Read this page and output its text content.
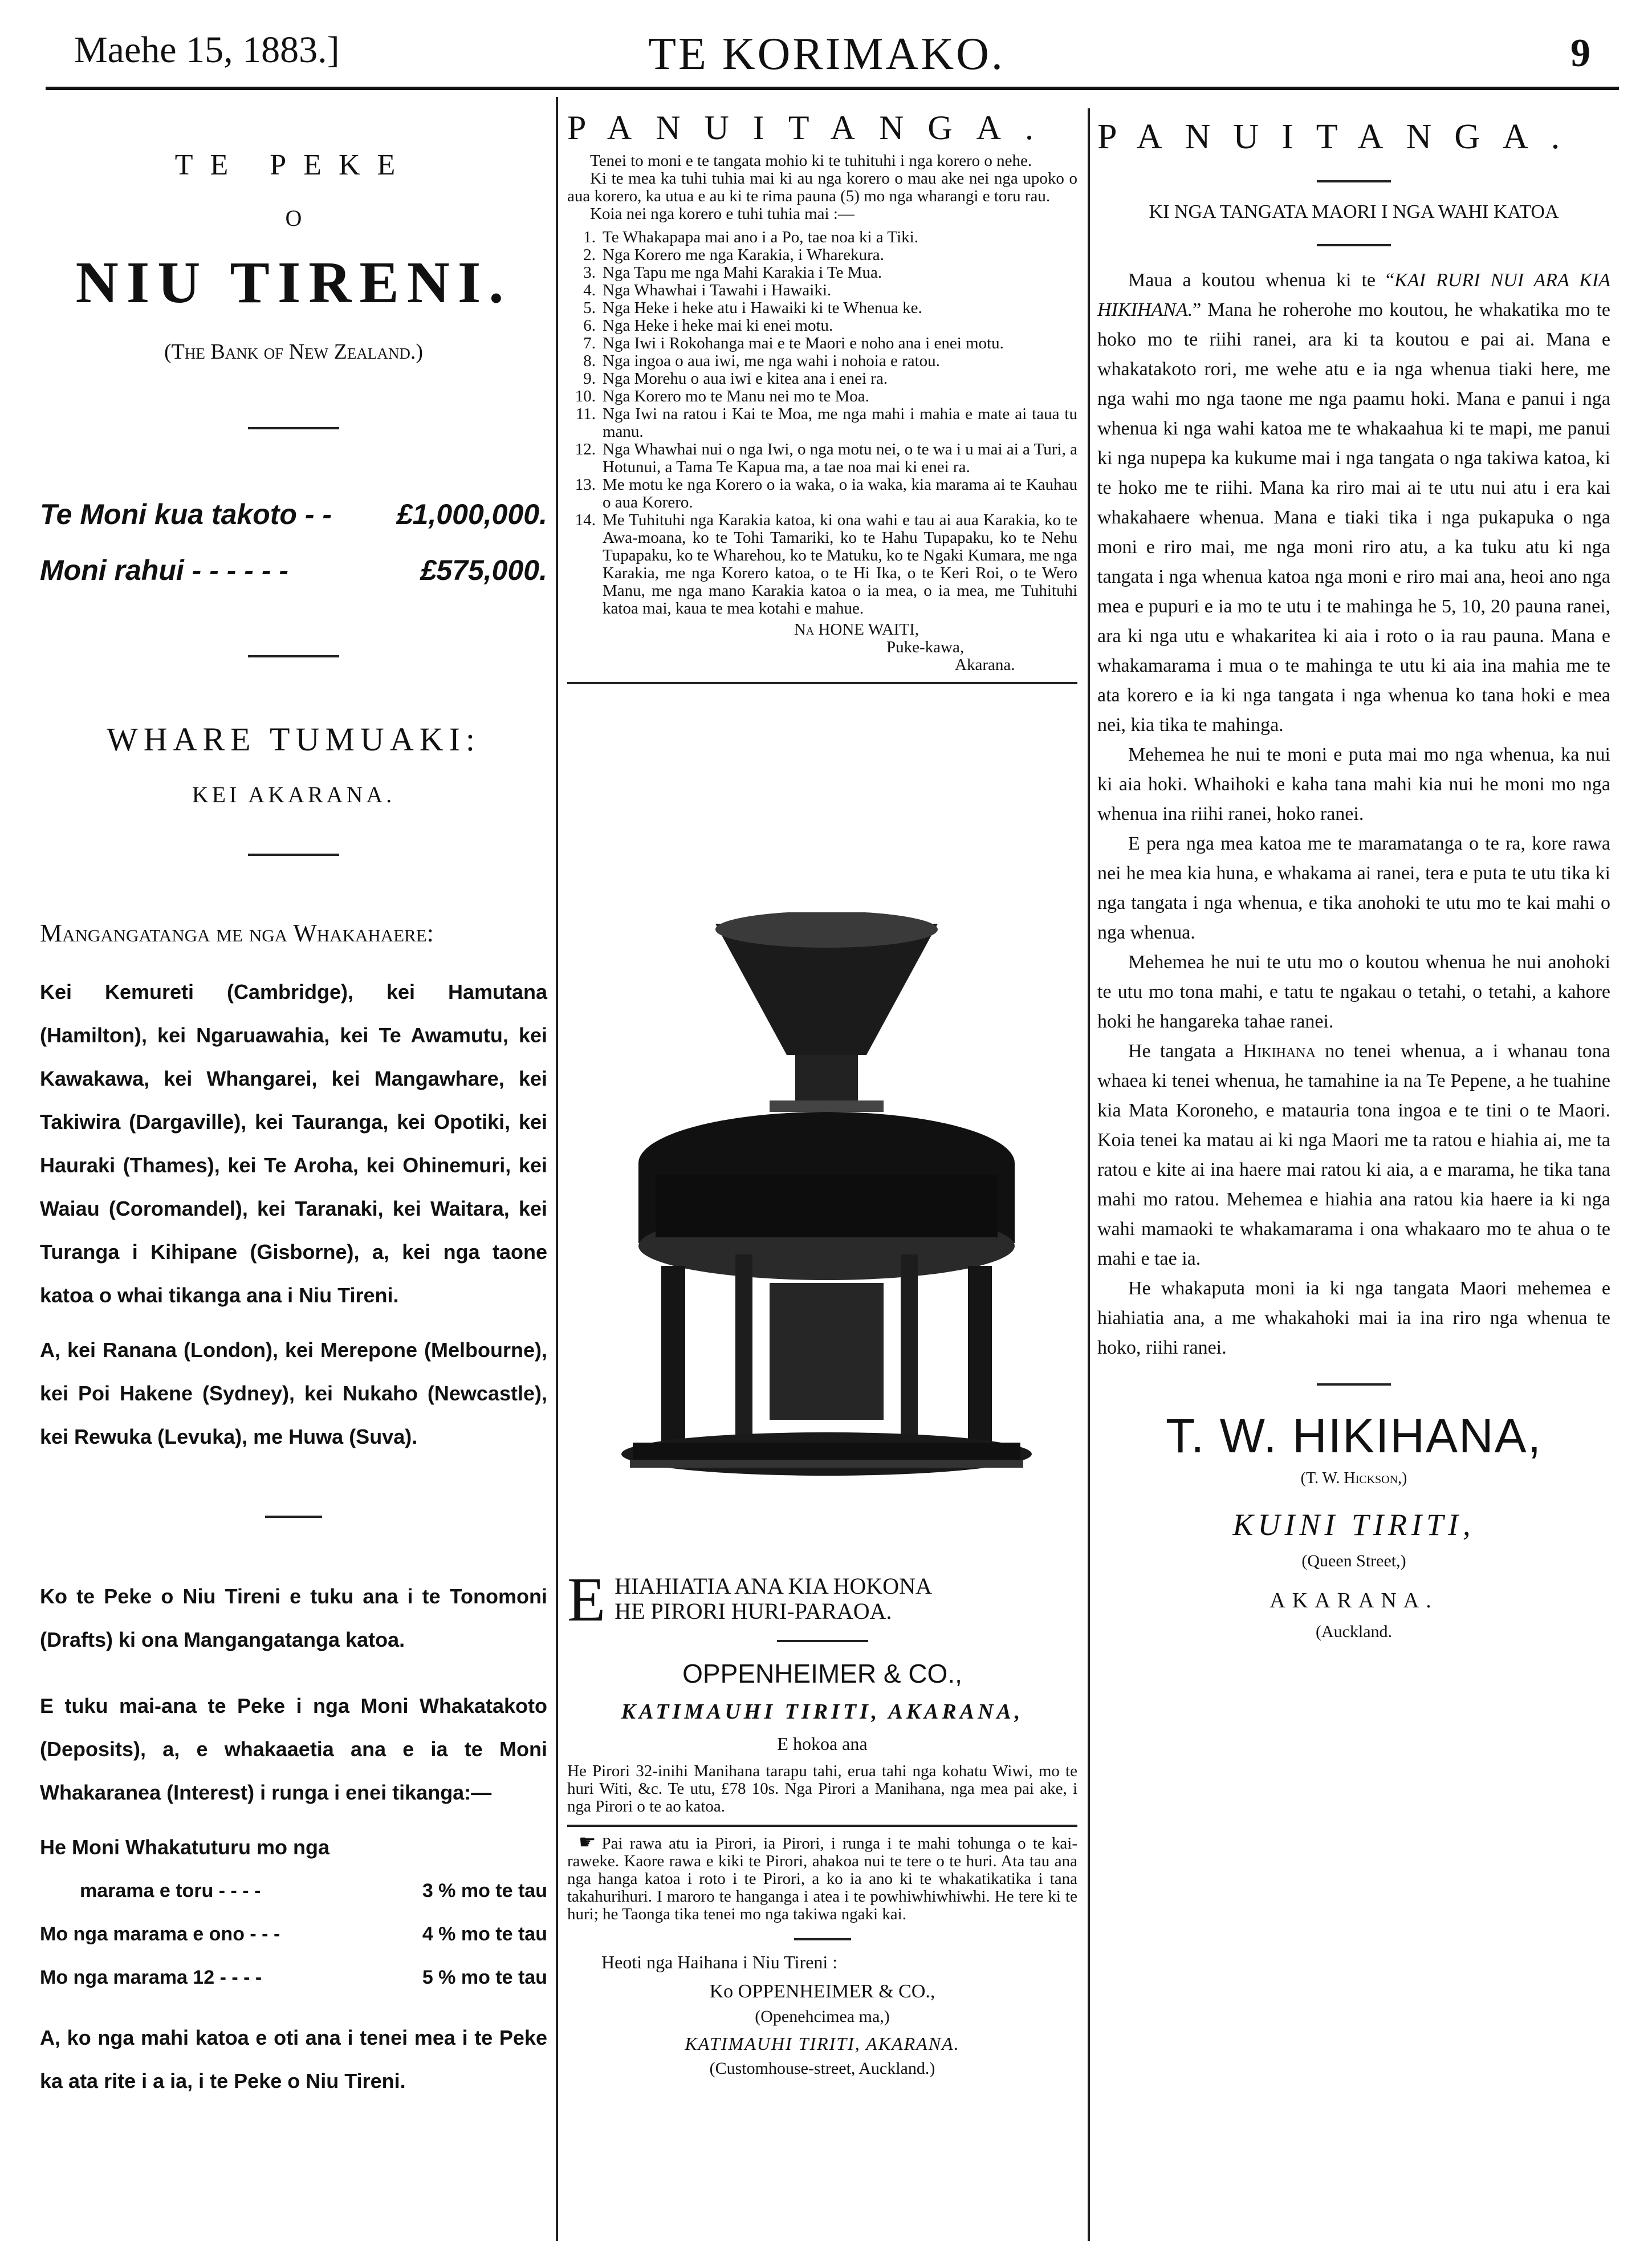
Maehe 15, 1883.]	TE KORIMAKO.	9
TE PEKE
O
NIU TIRENI.
(The Bank of New Zealand.)
Te Moni kua takoto - - £1,000,000.
Moni rahui - - - - - -	£575,000.
WHARE TUMUAKI:
KEI AKARANA.
Mangangatanga me nga Whakahaere:

Kei Kemureti (Cambridge), kei Hamutana (Hamilton), kei Ngaruawahia, kei Te Awamutu, kei Kawakawa, kei Whangarei, kei Mangawhare, kei Takiwira (Dargaville), kei Tauranga, kei Opotiki, kei Hauraki (Thames), kei Te Aroha, kei Ohinemuri, kei Waiau (Coromandel), kei Taranaki, kei Waitara, kei Turanga i Kihipane (Gisborne), a, kei nga taone katoa o whai tikanga ana i Niu Tireni.

A, kei Ranana (London), kei Merepone (Melbourne), kei Poi Hakene (Sydney), kei Nukaho (Newcastle), kei Rewuka (Levuka), me Huwa (Suva).

Ko te Peke o Niu Tireni e tuku ana i te Tonomoni (Drafts) ki ona Mangangatanga katoa.

E tuku mai-ana te Peke i nga Moni Whakatakoto (Deposits), a, e whakaaetia ana e ia te Moni Whakaranea (Interest) i runga i enei tikanga:—

He Moni Whakatuturu mo nga

marama e toru - - - -	3 % mo te tau
Mo nga marama e ono - - -	4 % mo te tau
Mo nga marama 12 - - - -	5 % mo te tau

A, ko nga mahi katoa e oti ana i tenei mea i te Peke ka ata rite i a ia, i te Peke o Niu Tireni.

PANUITANGA.

Tenei to moni e te tangata mohio ki te tuhituhi i nga korero o nehe.

Ki te mea ka tuhi tuhia mai ki au nga korero o mau ake nei nga upoko o aua korero, ka utua e au ki te rima pauna (5) mo nga wharangi e toru rau.

Koia nei nga korero e tuhi tuhia mai :—

1. Te Whakapapa mai ano i a Po, tae noa ki a Tiki.
2. Nga Korero me nga Karakia, i Wharekura.
3. Nga Tapu me nga Mahi Karakia i Te Mua.
4. Nga Whawhai i Tawahi i Hawaiki.
5. Nga Heke i heke atu i Hawaiki ki te Whenua ke.
6. Nga Heke i heke mai ki enei motu.
7. Nga Iwi i Rokohanga mai e te Maori e noho ana i enei motu.
8. Nga ingoa o aua iwi, me nga wahi i nohoia e ratou.
9. Nga Morehu o aua iwi e kitea ana i enei ra.
10. Nga Korero mo te Manu nei mo te Moa.
11. Nga Iwi na ratou i Kai te Moa, me nga mahi i mahia e mate ai taua tu manu.
12. Nga Whawhai nui o nga Iwi, o nga motu nei, o te wa i u mai ai a Turi, a Hotunui, a Tama Te Kapua ma, a tae noa mai ki enei ra.
13. Me motu ke nga Korero o ia waka, o ia waka, kia marama ai te Kauhau o aua Korero.
14. Me Tuhituhi nga Karakia katoa, ki ona wahi e tau ai aua Karakia, ko te Awa-moana, ko te Tohi Tamariki, ko te Hahu Tupapaku, ko te Nehu Tupapaku, ko te Wharehou, ko te Matuku, ko te Ngaki Kumara, me nga Karakia, me nga Korero katoa, o te Hi Ika, o te Keri Roi, o te Wero Manu, me nga mano Karakia katoa o ia mea, o ia mea, me Tuhituhi katoa mai, kaua te mea kotahi e mahue.
Na HONE WAITI,
Puke-kawa,
Akarana.
E HIAHIATIA ANA KIA HOKONA
HE PIRORI HURI-PARAOA.
OPPENHEIMER & CO.,
KATIMAUHI TIRITI, AKARANA,
E hokoa ana

He Pirori 32-inihi Manihana tarapu tahi, erua tahi nga kohatu Wiwi, mo te huri Witi, &c. Te utu, £78 10s. Nga Pirori a Manihana, nga mea pai ake, i nga Pirori o te ao katoa.

☛ Pai rawa atu ia Pirori, ia Pirori, i runga i te mahi tohunga o te kai-raweke. Kaore rawa e kiki te Pirori, ahakoa nui te tere o te huri. Ata tau ana nga hanga katoa i roto i te Pirori, a ko ia ano ki te whakatikatika i tana takahurihuri. I maroro te hanganga i atea i te powhiwhiwhiwhi. He tere ki te huri; he Taonga tika tenei mo nga takiwa ngaki kai.

Heoti nga Haihana i Niu Tireni :
Ko OPPENHEIMER & CO.,
(Openehcimea ma,)
KATIMAUHI TIRITI, AKARANA.
(Customhouse-street, Auckland.)
PANUITANGA.
KI NGA TANGATA MAORI I NGA WAHI KATOA

Maua a koutou whenua ki te “KAI RURI NUI ARA KIA HIKIHANA.” Mana he roherohe mo koutou, he whakatika mo te hoko mo te riihi ranei, ara ki ta koutou e pai ai. Mana e whakatakoto rori, me wehe atu e ia nga whenua tiaki here, me nga wahi mo nga taone me nga paamu hoki. Mana e panui i nga whenua ki nga wahi katoa me te whakaahua ki te mapi, me panui ki nga nupepa ka kukume mai i nga tangata o nga takiwa katoa, ki te hoko me te riihi. Mana ka riro mai ai te utu nui atu i era kai whakahaere whenua. Mana e tiaki tika i nga pukapuka o nga moni e riro mai, me nga moni riro atu, a ka tuku atu ki nga tangata i nga whenua katoa nga moni e riro mai ana, heoi ano nga mea e pupuri e ia mo te utu i te mahinga he 5, 10, 20 pauna ranei, ara ki nga utu e whakaritea ki aia i roto o ia rau pauna. Mana e whakamarama i mua o te mahinga te utu ki aia ina mahia me te ata korero e ia ki nga tangata i nga whenua ko tana hoki e mea nei, kia tika te mahinga.

Mehemea he nui te moni e puta mai mo nga whenua, ka nui ki aia hoki. Whaihoki e kaha tana mahi kia nui he moni mo nga whenua ina riihi ranei, hoko ranei.

E pera nga mea katoa me te maramatanga o te ra, kore rawa nei he mea kia huna, e whakama ai ranei, tera e puta te utu tika ki nga tangata i nga whenua, e tika anohoki te utu mo te kai mahi o nga whenua.

Mehemea he nui te utu mo o koutou whenua he nui anohoki te utu mo tona mahi, e tatu te ngakau o tetahi, o tetahi, a kahore hoki he hangareka tahae ranei.

He tangata a Hikihana no tenei whenua, a i whanau tona whaea ki tenei whenua, he tamahine ia na Te Pepene, a he tuahine kia Mata Koroneho, e matauria tona ingoa e te tini o te Maori. Koia tenei ka matau ai ki nga Maori me ta ratou e hiahia ai, me ta ratou e kite ai ina haere mai ratou ki aia, a e marama, he tika tana mahi mo ratou. Mehemea e hiahia ana ratou kia haere ia ki nga wahi mamaoki te whakamarama i ona whakaaro mo te ahua o te mahi e tae ia.

He whakaputa moni ia ki nga tangata Maori mehemea e hiahiatia ana, a me whakahoki mai ia ina riro nga whenua te hoko, riihi ranei.

T. W. HIKIHANA,
(T. W. Hickson,)
KUINI TIRITI,
(Queen Street,)
AKARANA.
(Auckland.
